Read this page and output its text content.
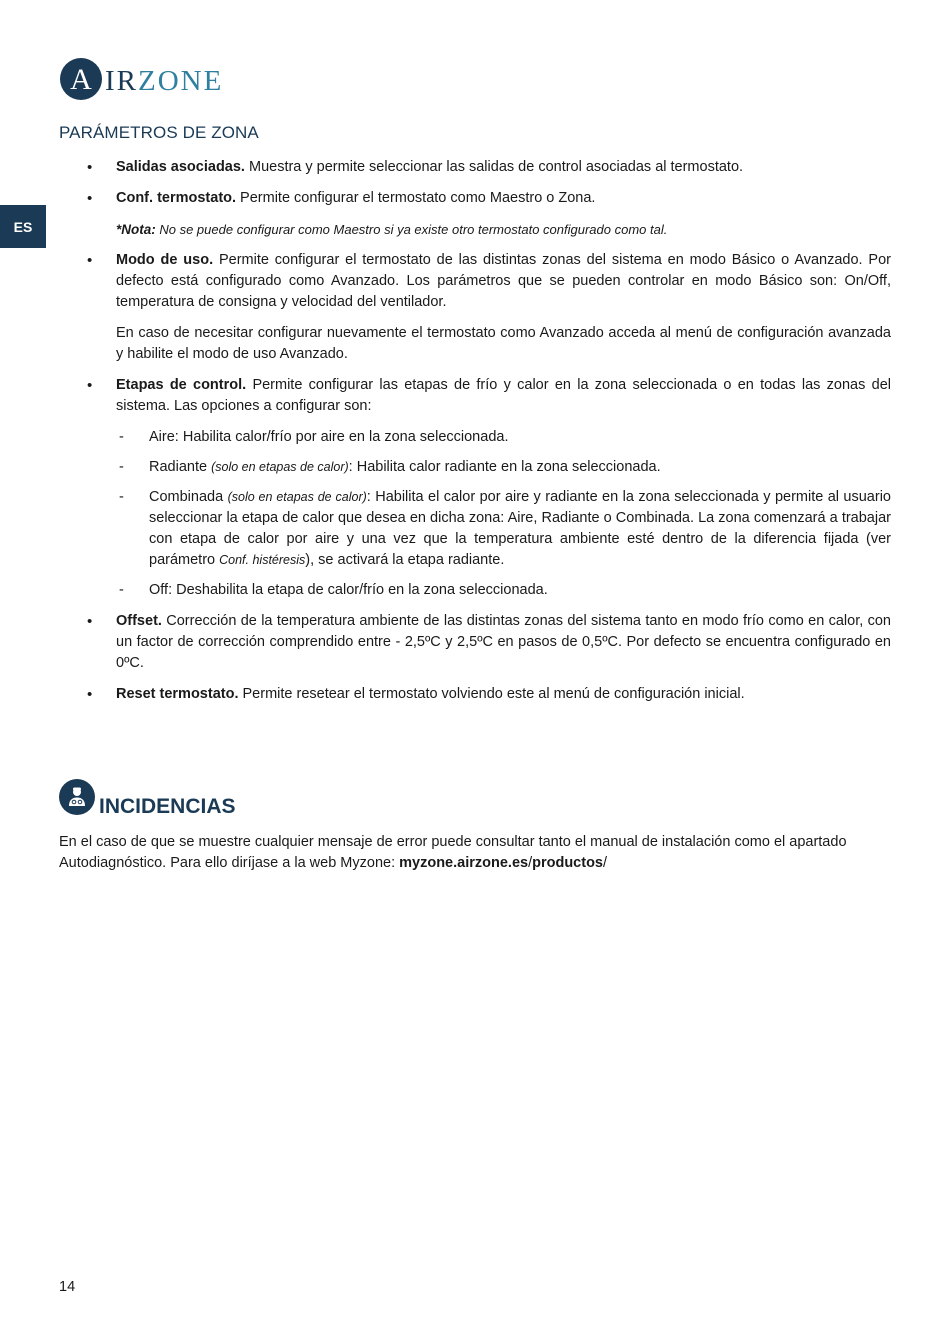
A IRZONE
ES
PARÁMETROS DE ZONA
• Salidas asociadas. Muestra y permite seleccionar las salidas de control asociadas al termostato.

• Conf. termostato. Permite configurar el termostato como Maestro o Zona.

*Nota: No se puede configurar como Maestro si ya existe otro termostato configurado como tal.

• Modo de uso. Permite configurar el termostato de las distintas zonas del sistema en modo Básico o Avanzado. Por defecto está configurado como Avanzado. Los parámetros que se pueden controlar en modo Básico son: On/Off, temperatura de consigna y velocidad del ventilador.

En caso de necesitar configurar nuevamente el termostato como Avanzado acceda al menú de configuración avanzada y habilite el modo de uso Avanzado.

• Etapas de control. Permite configurar las etapas de frío y calor en la zona seleccionada o en todas las zonas del sistema. Las opciones a configurar son:

- Aire: Habilita calor/frío por aire en la zona seleccionada.
- Radiante (solo en etapas de calor): Habilita calor radiante en la zona seleccionada.
- Combinada (solo en etapas de calor): Habilita el calor por aire y radiante en la zona seleccionada y permite al usuario seleccionar la etapa de calor que desea en dicha zona: Aire, Radiante o Combinada. La zona comenzará a trabajar con etapa de calor por aire y una vez que la temperatura ambiente esté dentro de la diferencia fijada (ver parámetro Conf. histéresis), se activará la etapa radiante.
- Off: Deshabilita la etapa de calor/frío en la zona seleccionada.
• Offset. Corrección de la temperatura ambiente de las distintas zonas del sistema tanto en modo frío como en calor, con un factor de corrección comprendido entre - 2,5ºC y 2,5ºC en pasos de 0,5ºC. Por defecto se encuentra configurado en 0ºC.

• Reset termostato. Permite resetear el termostato volviendo este al menú de configuración inicial.

INCIDENCIAS
En el caso de que se muestre cualquier mensaje de error puede consultar tanto el manual de instalación como el apartado Autodiagnóstico. Para ello diríjase a la web Myzone: myzone.airzone.es/productos/
14
